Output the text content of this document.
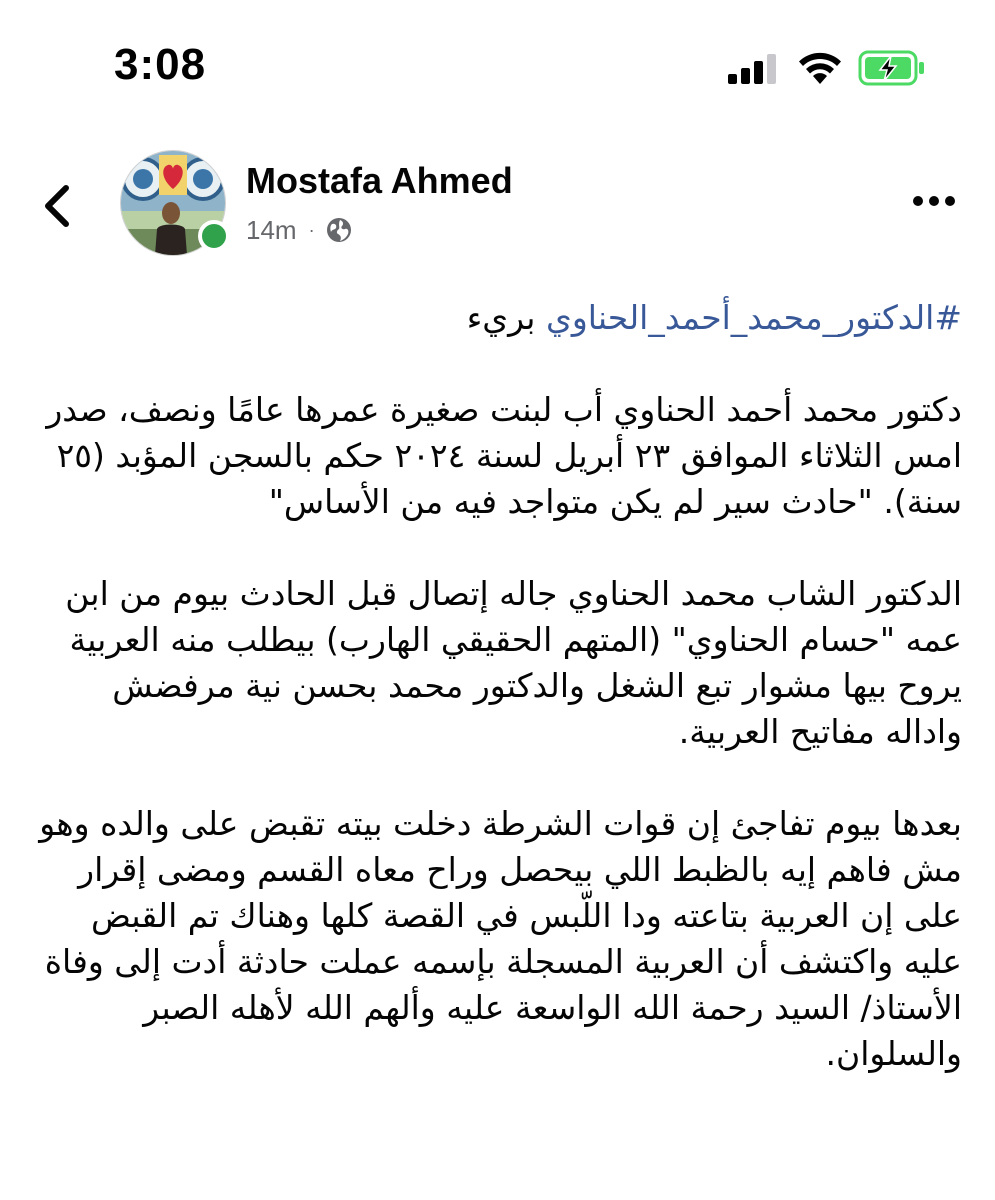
3:08
Mostafa Ahmed
14m ·

#الدكتور_محمد_أحمد_الحناوي بريء

دكتور محمد أحمد الحناوي أب لبنت صغيرة عمرها عامًا ونصف، صدر امس الثلاثاء الموافق ٢٣ أبريل لسنة ٢٠٢٤ حكم بالسجن المؤبد (٢٥ سنة). "حادث سير لم يكن متواجد فيه من الأساس"

الدكتور الشاب محمد الحناوي جاله إتصال قبل الحادث بيوم من ابن عمه "حسام الحناوي" (المتهم الحقيقي الهارب) بيطلب منه العربية يروح بيها مشوار تبع الشغل والدكتور محمد بحسن نية مرفضش واداله مفاتيح العربية.

بعدها بيوم تفاجئ إن قوات الشرطة دخلت بيته تقبض على والده وهو مش فاهم إيه بالظبط اللي بيحصل وراح معاه القسم ومضى إقرار على إن العربية بتاعته ودا اللّبس في القصة كلها وهناك تم القبض عليه واكتشف أن العربية المسجلة بإسمه عملت حادثة أدت إلى وفاة الأستاذ/ السيد رحمة الله الواسعة عليه وألهم الله لأهله الصبر والسلوان.
